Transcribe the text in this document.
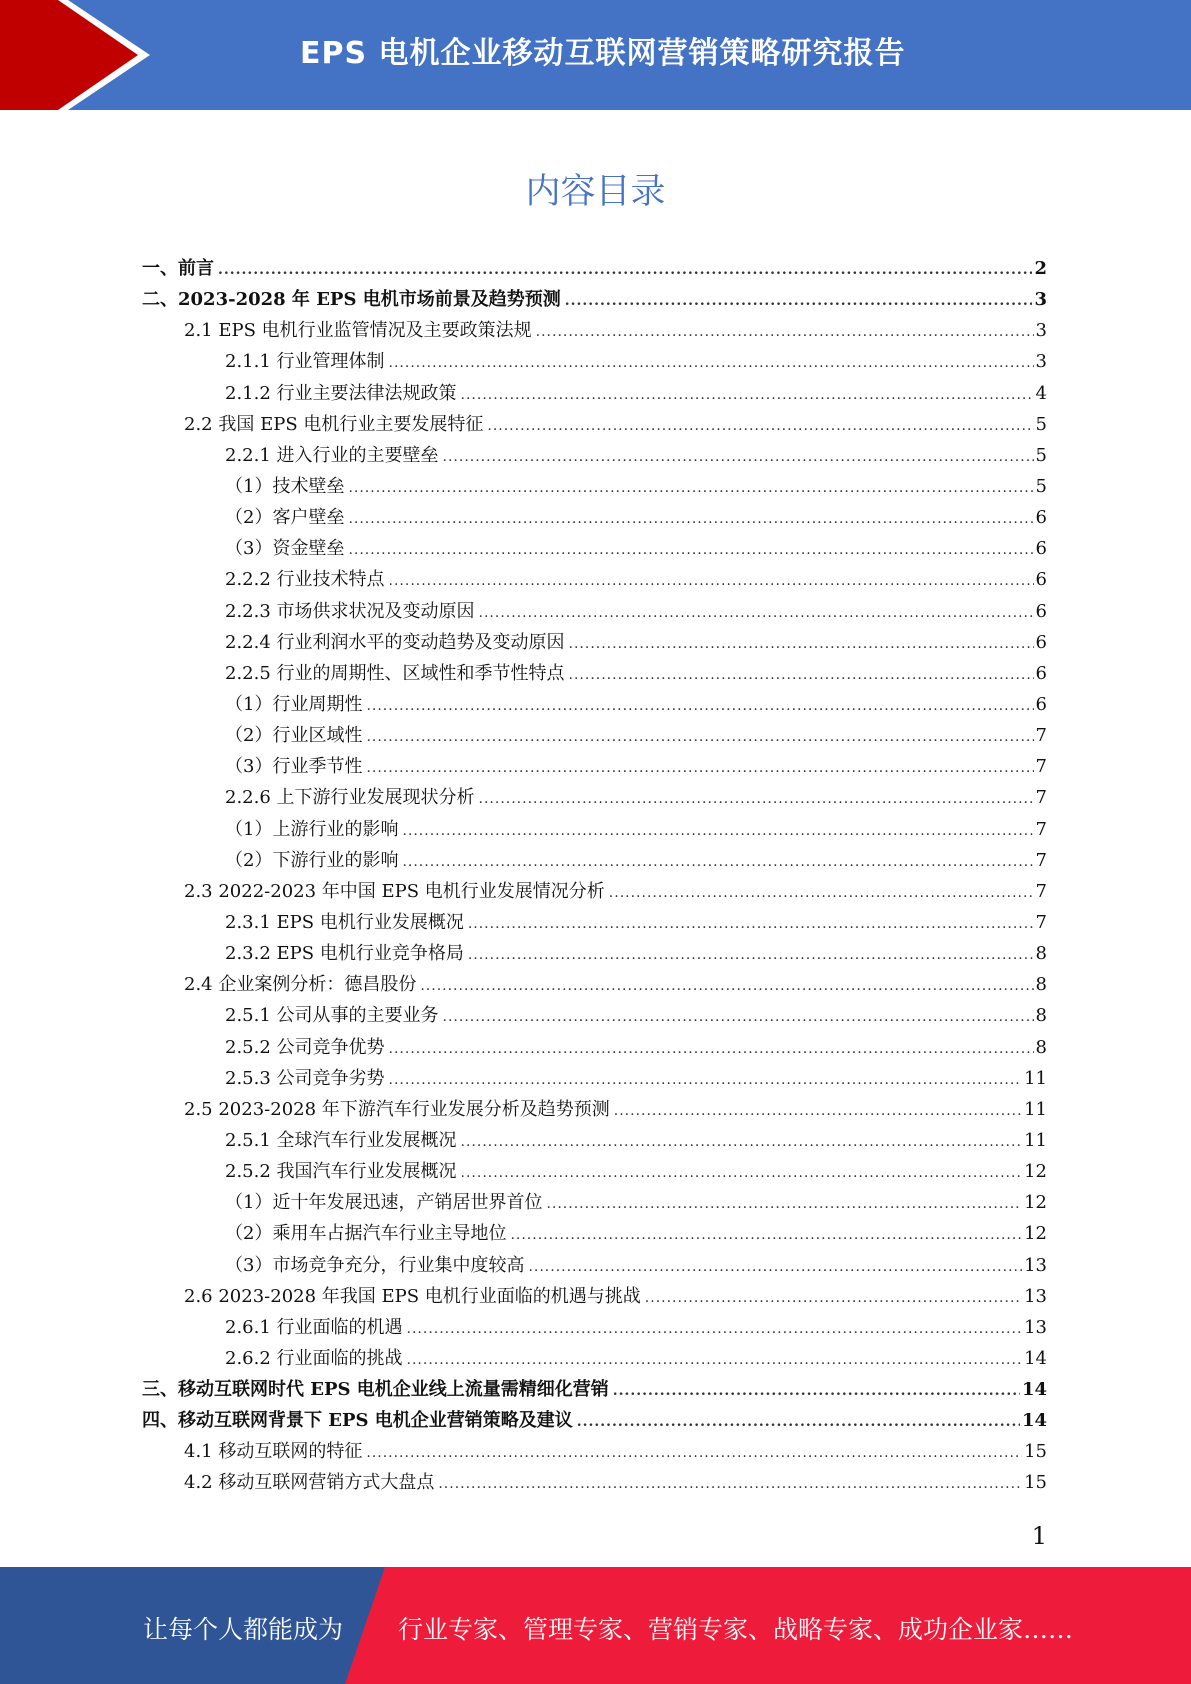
EPS 电机企业移动互联网营销策略研究报告
内容目录
一、前言 .....	2
二、2023-2028 年 EPS 电机市场前景及趋势预测 .....	3
2.1 EPS 电机行业监管情况及主要政策法规 .....	3
2.1.1 行业管理体制 .....	3
2.1.2 行业主要法律法规政策 .....	4
2.2 我国 EPS 电机行业主要发展特征 .....	5
2.2.1 进入行业的主要壁垒 .....	5
（1）技术壁垒 .....	5
（2）客户壁垒 .....	6
（3）资金壁垒 .....	6
2.2.2 行业技术特点 .....	6
2.2.3 市场供求状况及变动原因 .....	6
2.2.4 行业利润水平的变动趋势及变动原因 .....	6
2.2.5 行业的周期性、区域性和季节性特点 .....	6
（1）行业周期性 .....	6
（2）行业区域性 .....	7
（3）行业季节性 .....	7
2.2.6 上下游行业发展现状分析 .....	7
（1）上游行业的影响 .....	7
（2）下游行业的影响 .....	7
2.3 2022-2023 年中国 EPS 电机行业发展情况分析 .....	7
2.3.1 EPS 电机行业发展概况 .....	7
2.3.2 EPS 电机行业竞争格局 .....	8
2.4 企业案例分析：德昌股份 .....	8
2.5.1 公司从事的主要业务 .....	8
2.5.2 公司竞争优势 .....	8
2.5.3 公司竞争劣势 .....	11
2.5 2023-2028 年下游汽车行业发展分析及趋势预测 .....	11
2.5.1 全球汽车行业发展概况 .....	11
2.5.2 我国汽车行业发展概况 .....	12
（1）近十年发展迅速，产销居世界首位 .....	12
（2）乘用车占据汽车行业主导地位 .....	12
（3）市场竞争充分，行业集中度较高 .....	13
2.6 2023-2028 年我国 EPS 电机行业面临的机遇与挑战 .....	13
2.6.1 行业面临的机遇 .....	13
2.6.2 行业面临的挑战 .....	14
三、移动互联网时代 EPS 电机企业线上流量需精细化营销 .....	14
四、移动互联网背景下 EPS 电机企业营销策略及建议 .....	14
4.1 移动互联网的特征 .....	15
4.2 移动互联网营销方式大盘点 .....	15
1
让每个人都能成为 行业专家、管理专家、营销专家、战略专家、成功企业家……
